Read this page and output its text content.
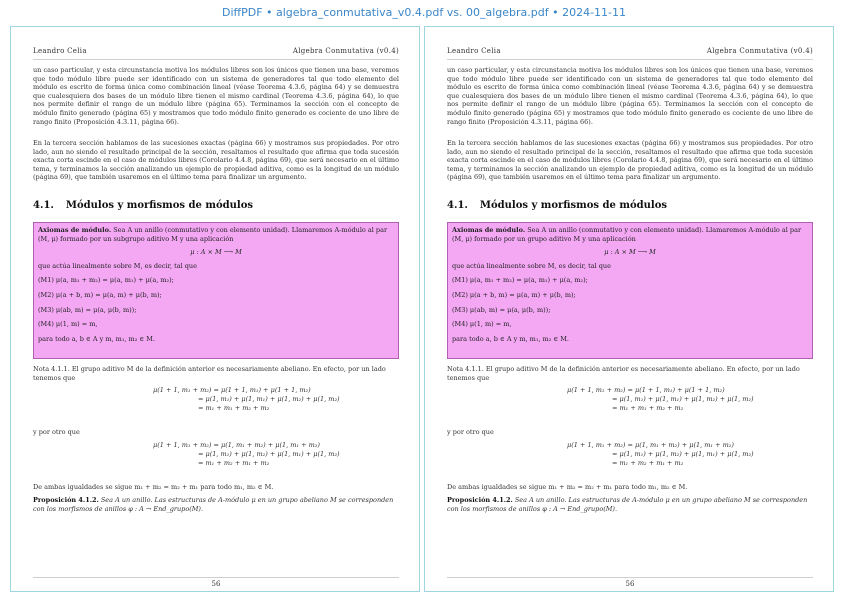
DiffPDF • algebra_conmutativa_v0.4.pdf vs. 00_algebra.pdf • 2024-11-11
Leandro Celia	Algebra Conmutativa (v0.4)
un caso particular, y esta circunstancia motiva los módulos libres son los únicos que tienen una base, veremos que todo módulo libre puede ser identificado con un sistema de generadores tal que todo elemento del módulo es escrito de forma única como combinación lineal (véase Teorema 4.3.6, página 64) y se demuestra que cualesquiera dos bases de un módulo libre tienen el mismo cardinal (Teorema 4.3.6, página 64), lo que nos permite definir el rango de un módulo libre (página 65). Terminamos la sección con el concepto de módulo finito generado (página 65) y mostramos que todo módulo finito generado es cociente de uno libre de rango finito (Proposición 4.3.11, página 66).
En la tercera sección hablamos de las sucesiones exactas (página 66) y mostramos sus propiedades. Por otro lado, aun no siendo el resultado principal de la sección, resaltamos el resultado que afirma que toda sucesión exacta corta escinde en el caso de módulos libres (Corolario 4.4.8, página 69), que será necesario en el último tema, y terminamos la sección analizando un ejemplo de propiedad aditiva, como es la longitud de un módulo (página 69), que también usaremos en el último tema para finalizar un argumento.
4.1. Módulos y morfismos de módulos
Axiomas de módulo. Sea A un anillo (conmutativo y con elemento unidad). Llamaremos A-módulo al par (M, μ) formado por un subgrupo aditivo M y una aplicación
μ : A × M ⟶ M
que actúa linealmente sobre M, es decir, tal que
(M1) μ(a, m₁ + m₂) = μ(a, m₁) + μ(a, m₂);
(M2) μ(a + b, m) = μ(a, m) + μ(b, m);
(M3) μ(ab, m) = μ(a, μ(b, m));
(M4) μ(1, m) = m,
para todo a, b ∈ A y m, m₁, m₂ ∈ M.
Nota 4.1.1. El grupo aditivo M de la definición anterior es necesariamente abeliano. En efecto, por un lado tenemos que
μ(1 + 1, m₁ + m₂) = μ(1 + 1, m₁) + μ(1 + 1, m₂)
= μ(1, m₁) + μ(1, m₁) + μ(1, m₂) + μ(1, m₂)
= m₁ + m₁ + m₂ + m₂
y por otro que
μ(1 + 1, m₁ + m₂) = μ(1, m₁ + m₂) + μ(1, m₁ + m₂)
= μ(1, m₁) + μ(1, m₂) + μ(1, m₁) + μ(1, m₂)
= m₁ + m₂ + m₁ + m₂
De ambas igualdades se sigue m₁ + m₂ = m₂ + m₁ para todo m₁, m₂ ∈ M.
Proposición 4.1.2. Sea A un anillo. Las estructuras de A-módulo μ en un grupo abeliano M se corresponden con los morfismos de anillos φ : A → End_grupo(M).
56
Leandro Celia	Algebra Conmutativa (v0.4)
un caso particular, y esta circunstancia motiva los módulos libres son los únicos que tienen una base, veremos que todo módulo libre puede ser identificado con un sistema de generadores tal que todo elemento del módulo es escrito de forma única como combinación lineal (véase Teorema 4.3.6, página 64) y se demuestra que cualesquiera dos bases de un módulo libre tienen el mismo cardinal (Teorema 4.3.6, página 64), lo que nos permite definir el rango de un módulo libre (página 65). Terminamos la sección con el concepto de módulo finito generado (página 65) y mostramos que todo módulo finito generado es cociente de uno libre de rango finito (Proposición 4.3.11, página 66).
En la tercera sección hablamos de las sucesiones exactas (página 66) y mostramos sus propiedades. Por otro lado, aun no siendo el resultado principal de la sección, resaltamos el resultado que afirma que toda sucesión exacta corta escinde en el caso de módulos libres (Corolario 4.4.8, página 69), que será necesario en el último tema, y terminamos la sección analizando un ejemplo de propiedad aditiva, como es la longitud de un módulo (página 69), que también usaremos en el último tema para finalizar un argumento.
4.1. Módulos y morfismos de módulos
Axiomas de módulo. Sea A un anillo (conmutativo y con elemento unidad). Llamaremos A-módulo al par (M, μ) formado por un grupo aditivo M y una aplicación
μ : A × M ⟶ M
que actúa linealmente sobre M, es decir, tal que
(M1) μ(a, m₁ + m₂) = μ(a, m₁) + μ(a, m₂);
(M2) μ(a + b, m) = μ(a, m) + μ(b, m);
(M3) μ(ab, m) = μ(a, μ(b, m));
(M4) μ(1, m) = m,
para todo a, b ∈ A y m, m₁, m₂ ∈ M.
Nota 4.1.1. El grupo aditivo M de la definición anterior es necesariamente abeliano. En efecto, por un lado tenemos que
μ(1 + 1, m₁ + m₂) = μ(1 + 1, m₁) + μ(1 + 1, m₂)
= μ(1, m₁) + μ(1, m₁) + μ(1, m₂) + μ(1, m₂)
= m₁ + m₁ + m₂ + m₂
y por otro que
μ(1 + 1, m₁ + m₂) = μ(1, m₁ + m₂) + μ(1, m₁ + m₂)
= μ(1, m₁) + μ(1, m₂) + μ(1, m₁) + μ(1, m₂)
= m₁ + m₂ + m₁ + m₂
De ambas igualdades se sigue m₁ + m₂ = m₂ + m₁ para todo m₁, m₂ ∈ M.
Proposición 4.1.2. Sea A un anillo. Las estructuras de A-módulo μ en un grupo abeliano M se corresponden con los morfismos de anillos φ : A → End_grupo(M).
56
